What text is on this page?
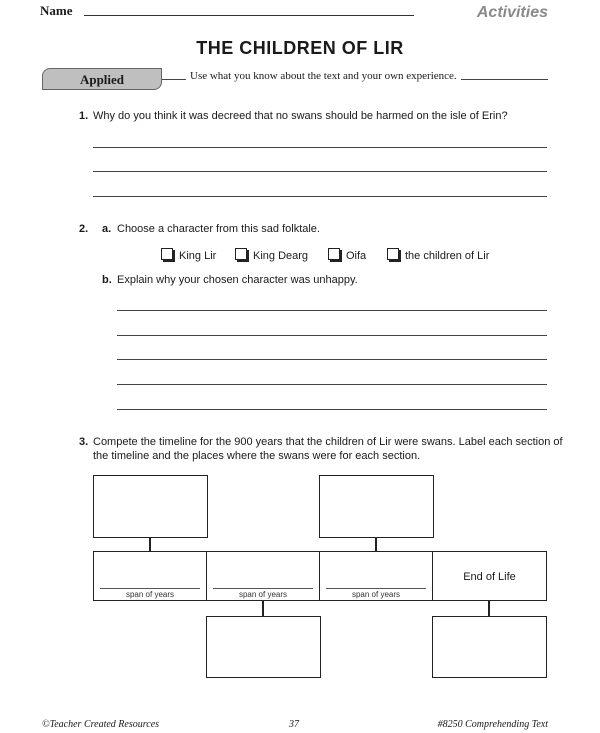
Name	Activities
THE CHILDREN OF LIR
Applied	Use what you know about the text and your own experience.
1. Why do you think it was decreed that no swans should be harmed on the isle of Erin?
2. a. Choose a character from this sad folktale.
King Lir	King Dearg	Oifa	the children of Lir
b. Explain why your chosen character was unhappy.
3. Compete the timeline for the 900 years that the children of Lir were swans. Label each section of
the timeline and the places where the swans were for each section.
span of years	span of years	span of years
End of Life
©Teacher Created Resources	37	#8250 Comprehending Text
